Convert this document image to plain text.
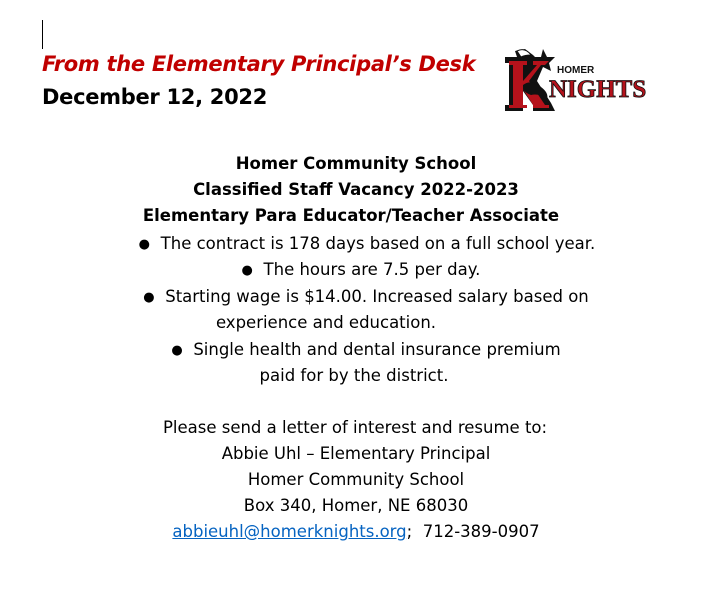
From the Elementary Principal’s Desk
December 12, 2022
HOMER
NIGHTS
Homer Community School
Classified Staff Vacancy 2022-2023
Elementary Para Educator/Teacher Associate
● The contract is 178 days based on a full school year.
● The hours are 7.5 per day.
● Starting wage is $14.00. Increased salary based on
experience and education.
● Single health and dental insurance premium
paid for by the district.
Please send a letter of interest and resume to:
Abbie Uhl – Elementary Principal
Homer Community School
Box 340, Homer, NE 68030
abbieuhl@homerknights.org;  712-389-0907
